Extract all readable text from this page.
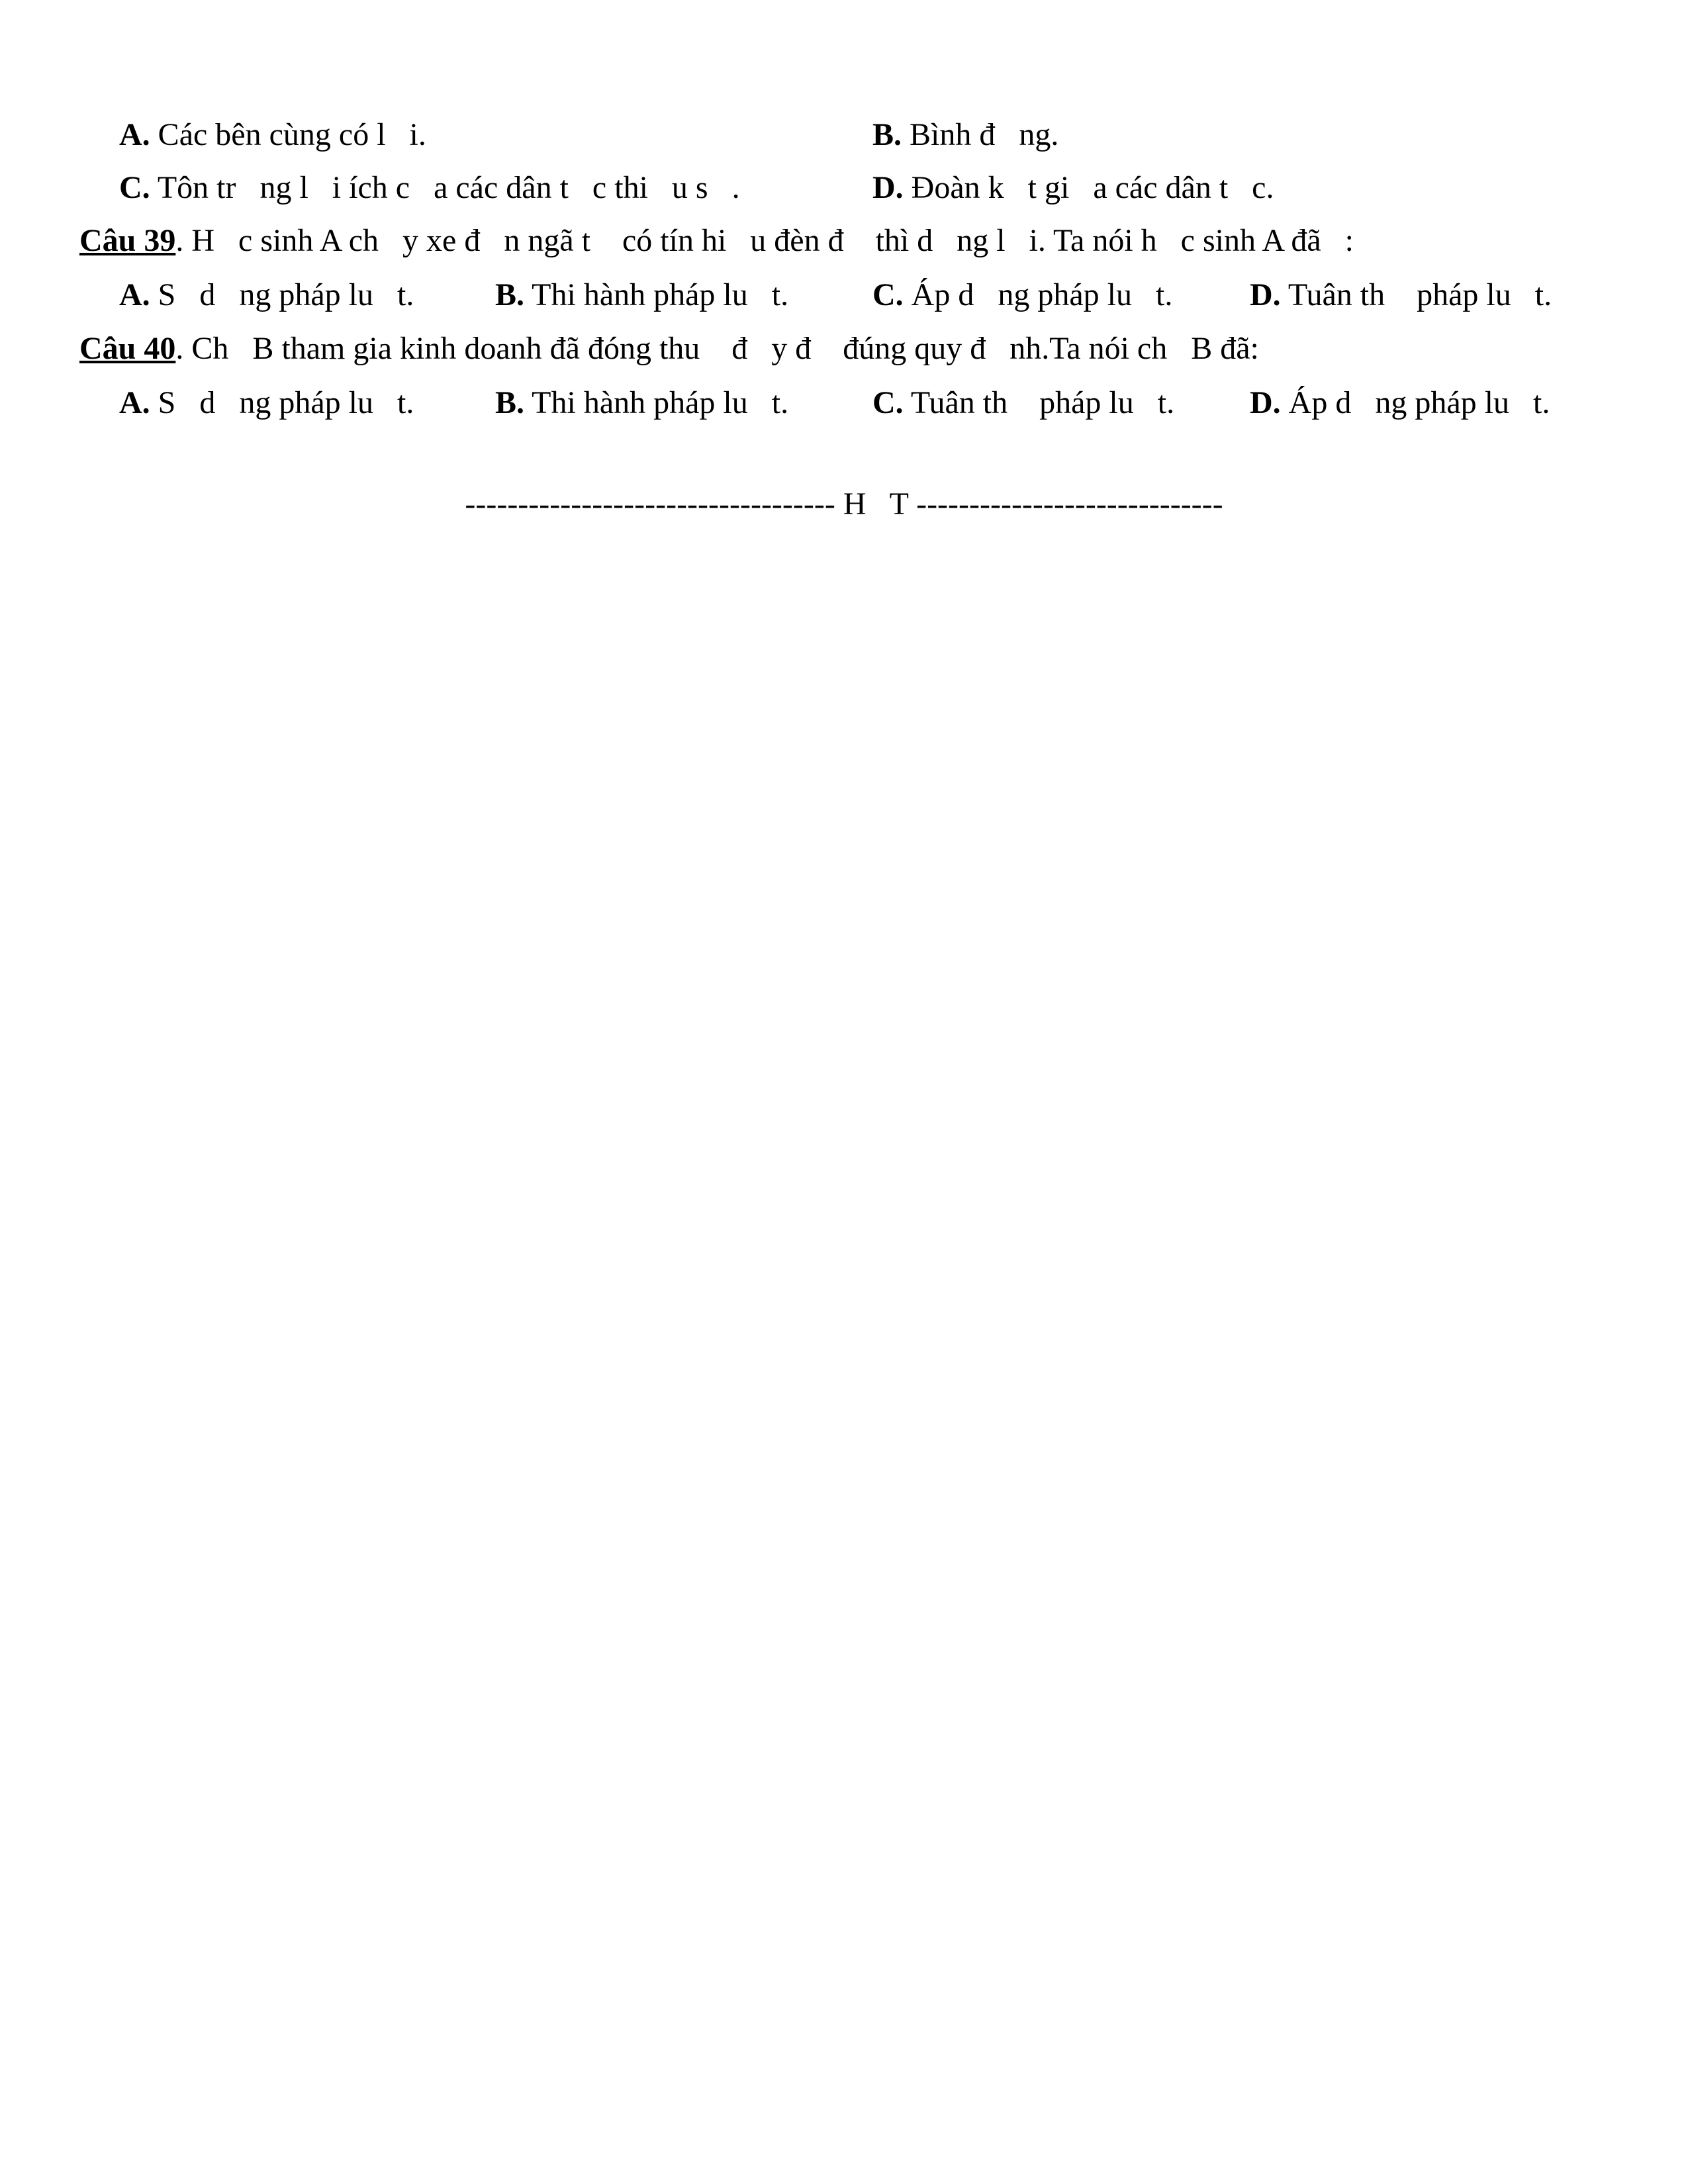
A. Các bên cùng có l   i.	B. Bình đ   ng.
C. Tôn tr   ng l   i ích c   a các dân t   c thi   u s   .	D. Đoàn k   t gi   a các dân t   c.
Câu 39. H   c sinh A ch   y xe đ   n ngã t    có tín hi   u đèn đ    thì d   ng l   i. Ta nói h   c sinh A đã   :
A. S   d   ng pháp lu   t.	B. Thi hành pháp lu   t.	C. Áp d   ng pháp lu   t. D. Tuân th    pháp lu   t.
Câu 40. Ch   B tham gia kinh doanh đã đóng thu    đ   y đ    đúng quy đ   nh.Ta nói ch   B đã:
A. S   d   ng pháp lu   t.	B. Thi hành pháp lu   t.	C. Tuân th    pháp lu   t. D. Áp d   ng pháp lu   t.
----------------------------------- H   T -----------------------------
